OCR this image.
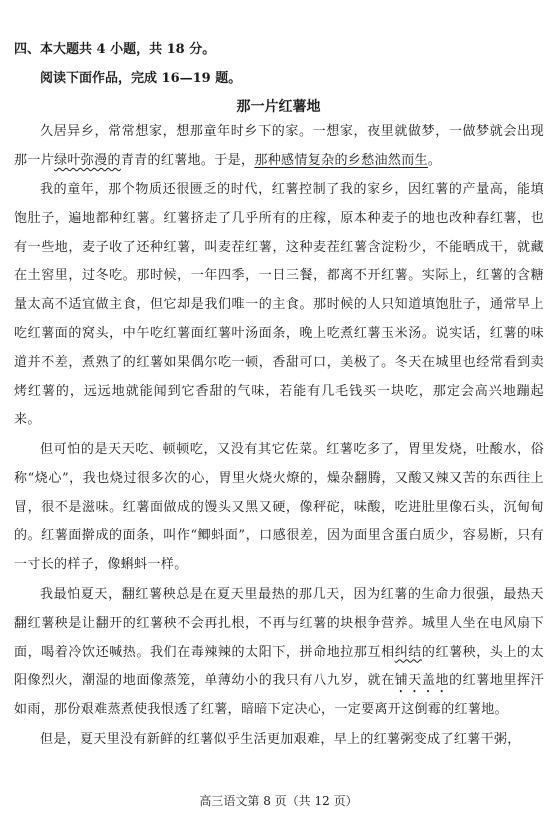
四、本大题共 4 小题，共 18 分。
阅读下面作品，完成 16—19 题。
那一片红薯地

久居异乡，常常想家，想那童年时乡下的家。一想家，夜里就做梦，一做梦就会出现那一片绿叶弥漫的青青的红薯地。于是，那种感情复杂的乡愁油然而生。

我的童年，那个物质还很匮乏的时代，红薯控制了我的家乡，因红薯的产量高，能填饱肚子，遍地都种红薯。红薯挤走了几乎所有的庄稼，原本种麦子的地也改种春红薯，也有一些地，麦子收了还种红薯，叫麦茬红薯，这种麦茬红薯含淀粉少，不能晒成干，就藏在土窖里，过冬吃。那时候，一年四季，一日三餐，都离不开红薯。实际上，红薯的含糖量太高不适宜做主食，但它却是我们唯一的主食。那时候的人只知道填饱肚子，通常早上吃红薯面的窝头，中午吃红薯面红薯叶汤面条，晚上吃煮红薯玉米汤。说实话，红薯的味道并不差，煮熟了的红薯如果偶尔吃一顿，香甜可口，美极了。冬天在城里也经常看到卖烤红薯的，远远地就能闻到它香甜的气味，若能有几毛钱买一块吃，那定会高兴地蹦起来。

但可怕的是天天吃、顿顿吃，又没有其它佐菜。红薯吃多了，胃里发烧，吐酸水，俗称“烧心”，我也烧过很多次的心，胃里火烧火燎的，燥杂翻腾，又酸又辣又苦的东西往上冒，很不是滋味。红薯面做成的馒头又黑又硬，像秤砣，味酸，吃进肚里像石头，沉甸甸的。红薯面擀成的面条，叫作“鲫蚪面”，口感很差，因为面里含蛋白质少，容易断，只有一寸长的样子，像蝌蚪一样。

我最怕夏天，翻红薯秧总是在夏天里最热的那几天，因为红薯的生命力很强，最热天翻红薯秧是让翻开的红薯秧不会再扎根，不再与红薯的块根争营养。城里人坐在电风扇下面，喝着冷饮还喊热。我们在毒辣辣的太阳下，拼命地拉那互相纠结的红薯秧，头上的太阳像烈火，潮湿的地面像蒸笼，单薄幼小的我只有八九岁，就在铺天盖地的红薯地里挥汗如雨，那份艰难蒸煮使我恨透了红薯，暗暗下定决心，一定要离开这倒霉的红薯地。

但是，夏天里没有新鲜的红薯似乎生活更加艰难，早上的红薯粥变成了红薯干粥，

高三语文第 8 页（共 12 页）
